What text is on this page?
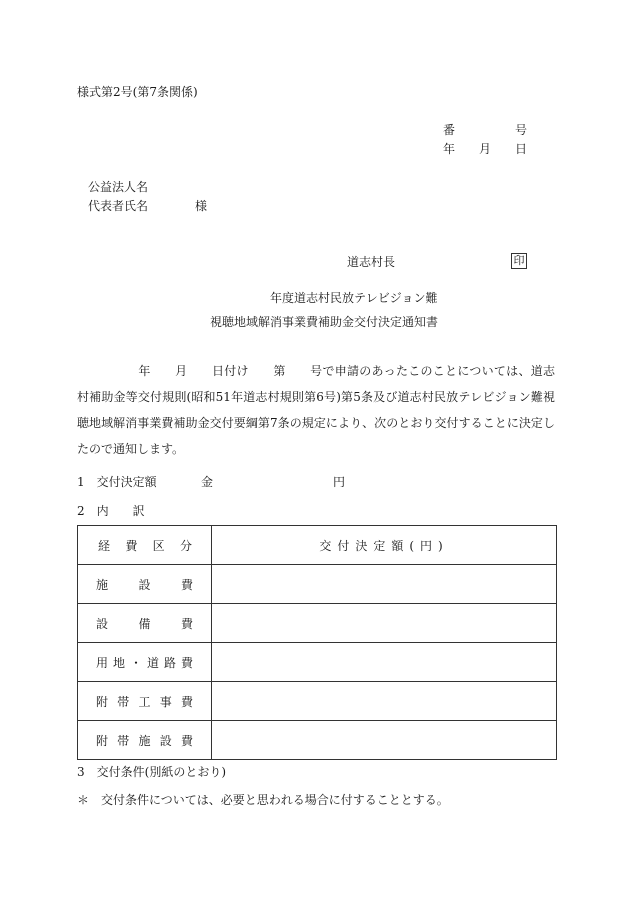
様式第2号(第7条関係)
番	号
年 月 日
公益法人名
代表者氏名	様
道志村長	印
年度道志村民放テレビジョン難
視聴地域解消事業費補助金交付決定通知書
　　　　　年　　月　　日付け　　第　　号で申請のあったこのことについては、道志村補助金等交付規則(昭和51年道志村規則第6号)第5条及び道志村民放テレビジョン難視聴地域解消事業費補助金交付要綱第7条の規定により、次のとおり交付することに決定したので通知します。
1　交付決定額	金	円
2　内　　訳
経費区分	交付決定額(円)
施設費	
設備費	
用地・道路費	
附帯工事費	
附帯施設費	
3　交付条件(別紙のとおり)
＊　交付条件については、必要と思われる場合に付することとする。
